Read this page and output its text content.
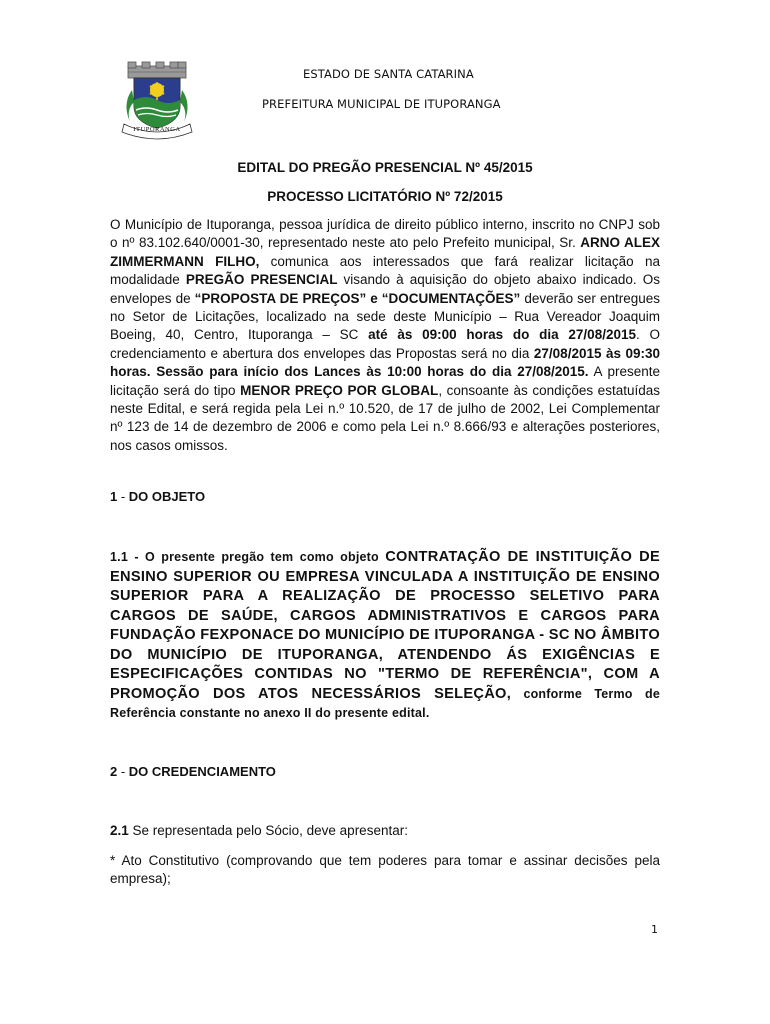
ITUPORANGA
ESTADO DE SANTA CATARINA
PREFEITURA MUNICIPAL DE ITUPORANGA
EDITAL DO PREGÃO PRESENCIAL Nº 45/2015
PROCESSO LICITATÓRIO Nº 72/2015
O Município de Ituporanga, pessoa jurídica de direito público interno, inscrito no CNPJ sob o nº 83.102.640/0001-30, representado neste ato pelo Prefeito municipal, Sr. ARNO ALEX ZIMMERMANN FILHO, comunica aos interessados que fará realizar licitação na modalidade PREGÃO PRESENCIAL visando à aquisição do objeto abaixo indicado. Os envelopes de “PROPOSTA DE PREÇOS” e “DOCUMENTAÇÕES” deverão ser entregues no Setor de Licitações, localizado na sede deste Município – Rua Vereador Joaquim Boeing, 40, Centro, Ituporanga – SC até às 09:00 horas do dia 27/08/2015. O credenciamento e abertura dos envelopes das Propostas será no dia 27/08/2015 às 09:30 horas. Sessão para início dos Lances às 10:00 horas do dia 27/08/2015. A presente licitação será do tipo MENOR PREÇO POR GLOBAL, consoante às condições estatuídas neste Edital, e será regida pela Lei n.º 10.520, de 17 de julho de 2002, Lei Complementar nº 123 de 14 de dezembro de 2006 e como pela Lei n.º 8.666/93 e alterações posteriores, nos casos omissos.
1 - DO OBJETO
1.1 - O presente pregão tem como objeto CONTRATAÇÃO DE INSTITUIÇÃO DE ENSINO SUPERIOR OU EMPRESA VINCULADA A INSTITUIÇÃO DE ENSINO SUPERIOR PARA A REALIZAÇÃO DE PROCESSO SELETIVO PARA CARGOS DE SAÚDE, CARGOS ADMINISTRATIVOS E CARGOS PARA FUNDAÇÃO FEXPONACE DO MUNICÍPIO DE ITUPORANGA - SC NO ÂMBITO DO MUNICÍPIO DE ITUPORANGA, ATENDENDO ÁS EXIGÊNCIAS E ESPECIFICAÇÕES CONTIDAS NO "TERMO DE REFERÊNCIA", COM A PROMOÇÃO DOS ATOS NECESSÁRIOS SELEÇÃO, conforme Termo de Referência constante no anexo II do presente edital.
2 - DO CREDENCIAMENTO
2.1 Se representada pelo Sócio, deve apresentar:
* Ato Constitutivo (comprovando que tem poderes para tomar e assinar decisões pela empresa);
1
